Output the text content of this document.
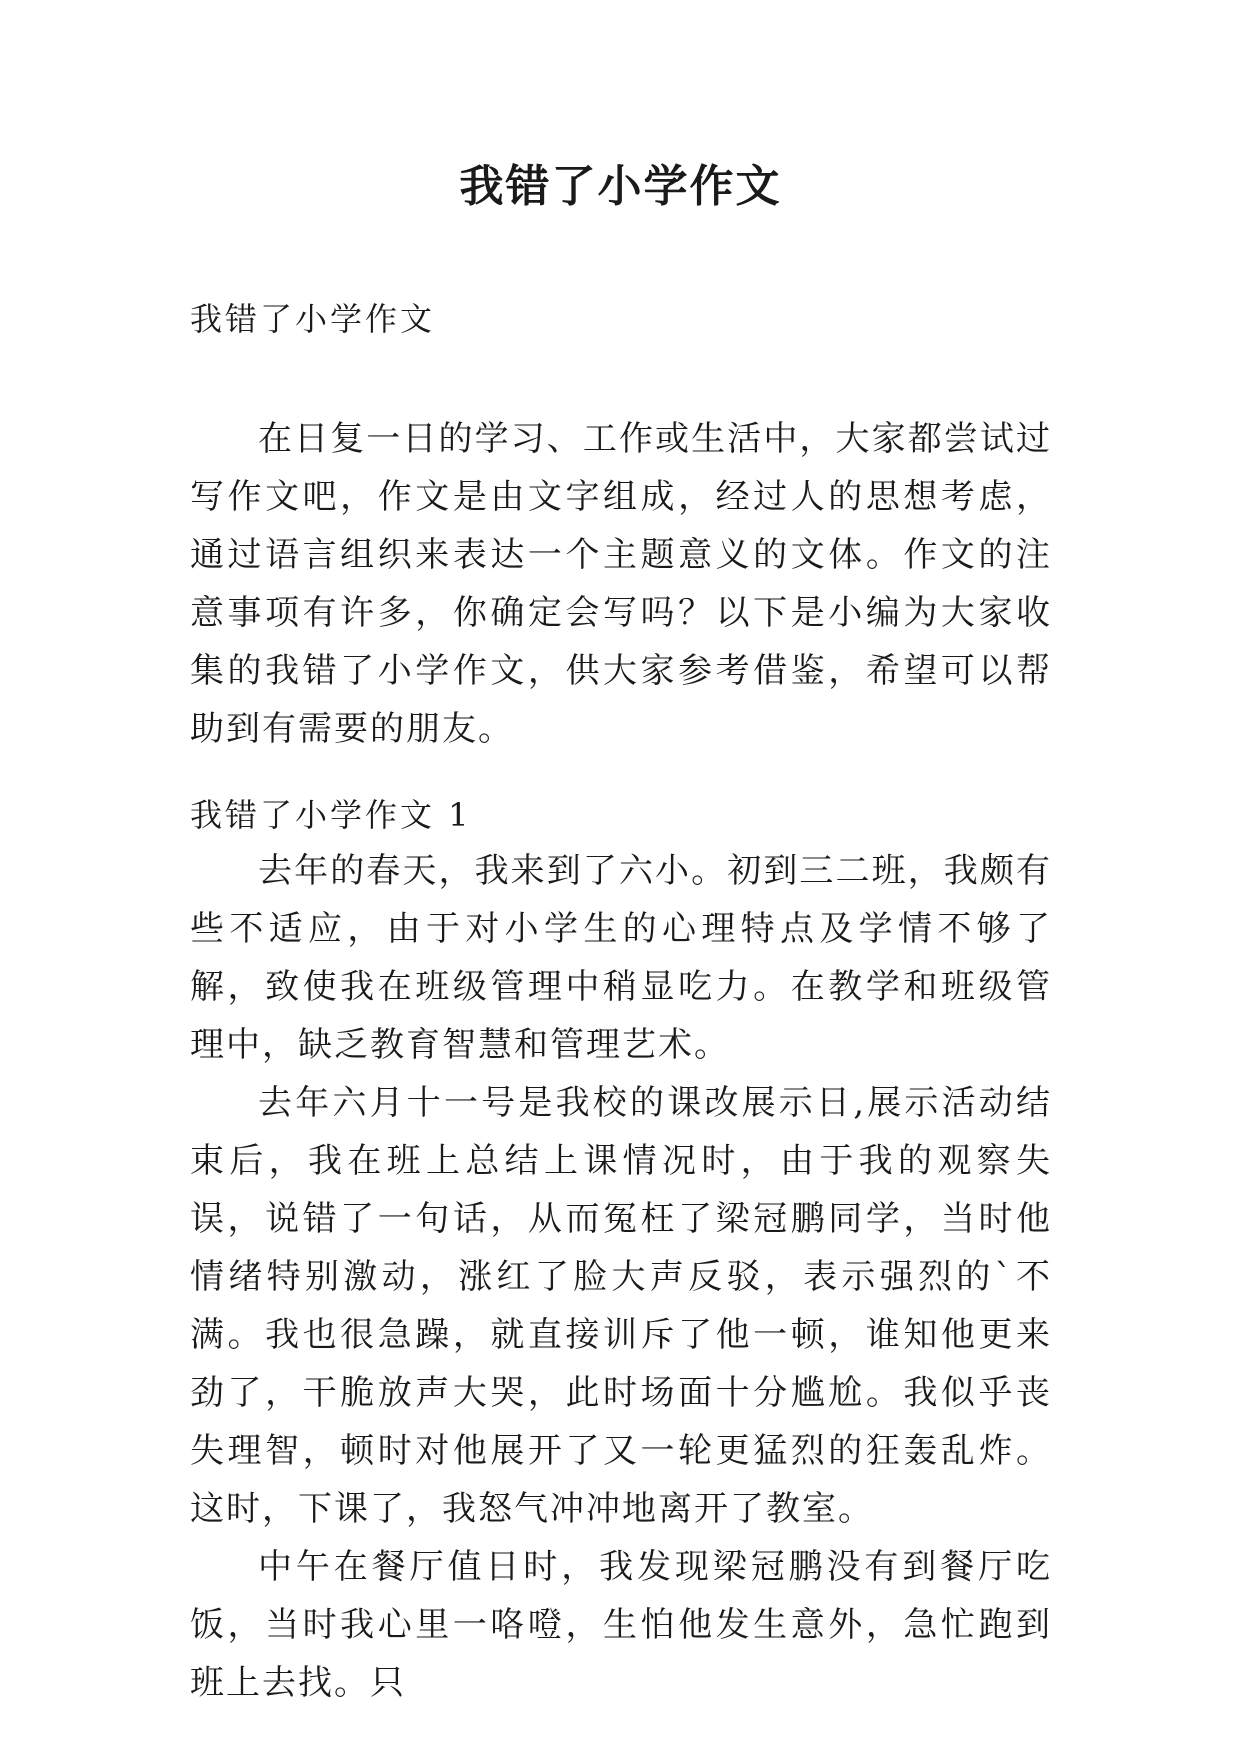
我错了小学作文
我错了小学作文

在日复一日的学习、工作或生活中，大家都尝试过写作文吧，作文是由文字组成，经过人的思想考虑，通过语言组织来表达一个主题意义的文体。作文的注意事项有许多，你确定会写吗？以下是小编为大家收集的我错了小学作文，供大家参考借鉴，希望可以帮助到有需要的朋友。

我错了小学作文 1

去年的春天，我来到了六小。初到三二班，我颇有些不适应，由于对小学生的心理特点及学情不够了解，致使我在班级管理中稍显吃力。在教学和班级管理中，缺乏教育智慧和管理艺术。

去年六月十一号是我校的课改展示日,展示活动结束后，我在班上总结上课情况时，由于我的观察失误，说错了一句话，从而冤枉了梁冠鹏同学，当时他情绪特别激动，涨红了脸大声反驳，表示强烈的`不满。我也很急躁，就直接训斥了他一顿，谁知他更来劲了，干脆放声大哭，此时场面十分尴尬。我似乎丧失理智，顿时对他展开了又一轮更猛烈的狂轰乱炸。这时，下课了，我怒气冲冲地离开了教室。

中午在餐厅值日时，我发现梁冠鹏没有到餐厅吃饭，当时我心里一咯噔，生怕他发生意外，急忙跑到班上去找。只
